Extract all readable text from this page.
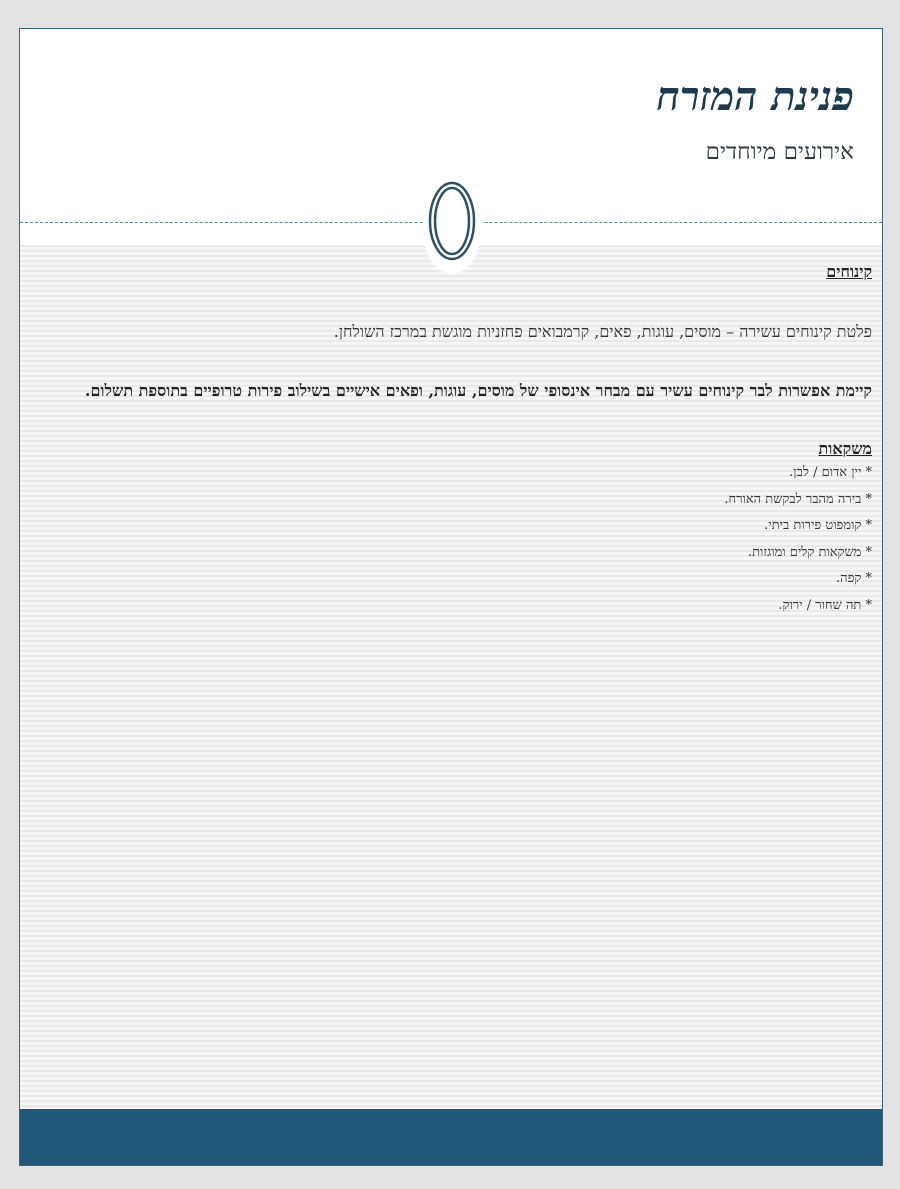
פנינת המזרח
אירועים מיוחדים
קינוחים
פלטת קינוחים עשירה – מוסים, עוגות, פאים, קרמבואים פחזניות מוגשת במרכז השולחן.
קיימת אפשרות לבר קינוחים עשיר עם מבחר אינסופי של מוסים, עוגות, ופאים אישיים בשילוב פירות טרופיים בתוספת תשלום.
משקאות
* יין אדום / לבן.
* בירה מהבר לבקשת האורח.
* קומפוט פירות ביתי.
* משקאות קלים ומוגזות.
* קפה.
* תה שחור / ירוק.
